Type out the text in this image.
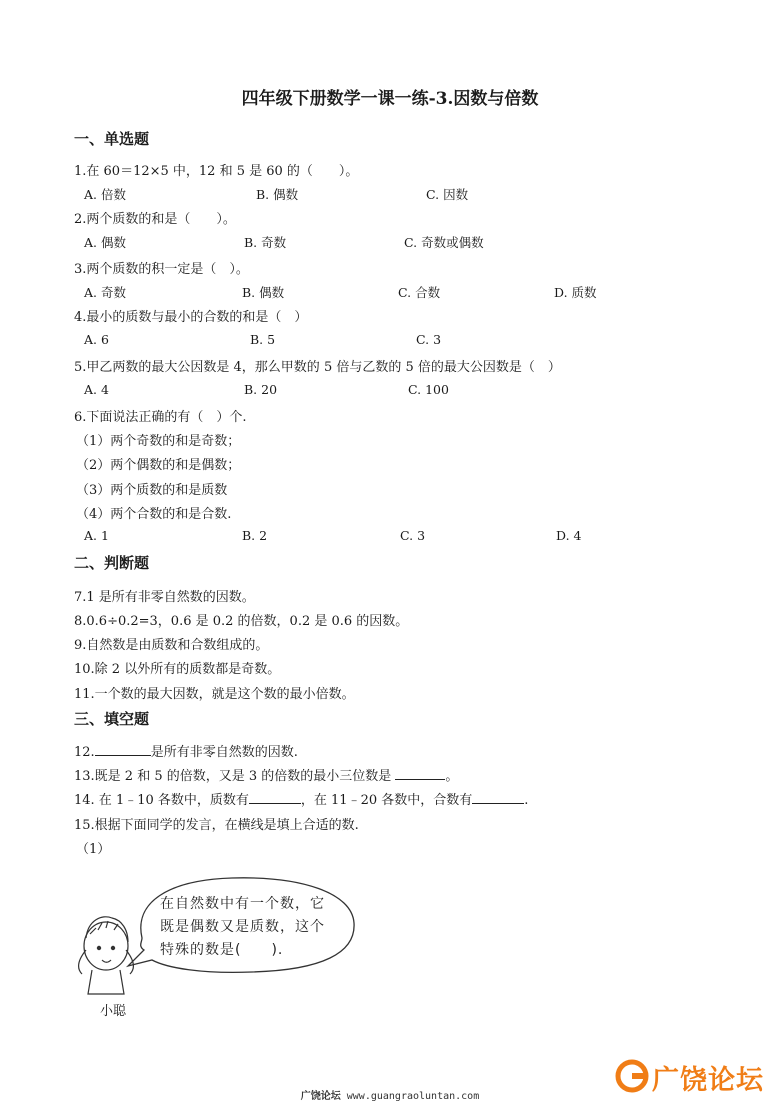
四年级下册数学一课一练-3.因数与倍数
一、单选题
1.在 60＝12×5 中，12 和 5 是 60 的（　　）。
A. 倍数	B. 偶数	C. 因数
2.两个质数的和是（　　）。
A. 偶数	B. 奇数	C. 奇数或偶数
3.两个质数的积一定是（　）。
A. 奇数	B. 偶数	C. 合数	D. 质数
4.最小的质数与最小的合数的和是（　）
A. 6	B. 5	C. 3
5.甲乙两数的最大公因数是 4，那么甲数的 5 倍与乙数的 5 倍的最大公因数是（　）
A. 4	B. 20	C. 100
6.下面说法正确的有（　）个.
（1）两个奇数的和是奇数；
（2）两个偶数的和是偶数；
（3）两个质数的和是质数
（4）两个合数的和是合数.
A. 1	B. 2	C. 3	D. 4
二、判断题
7.1 是所有非零自然数的因数。
8.0.6÷0.2=3，0.6 是 0.2 的倍数，0.2 是 0.6 的因数。
9.自然数是由质数和合数组成的。
10.除 2 以外所有的质数都是奇数。
11.一个数的最大因数，就是这个数的最小倍数。
三、填空题
12.	是所有非零自然数的因数.
13.既是 2 和 5 的倍数，又是 3 的倍数的最小三位数是	。
14. 在 1﹣10 各数中，质数有	，在 11﹣20 各数中，合数有	.
15.根据下面同学的发言，在横线是填上合适的数.
（1）
在自然数中有一个数，它
既是偶数又是质数，这个
特殊的数是(　　).
小聪
广饶论坛
广饶论坛 www.guangraoluntan.com
